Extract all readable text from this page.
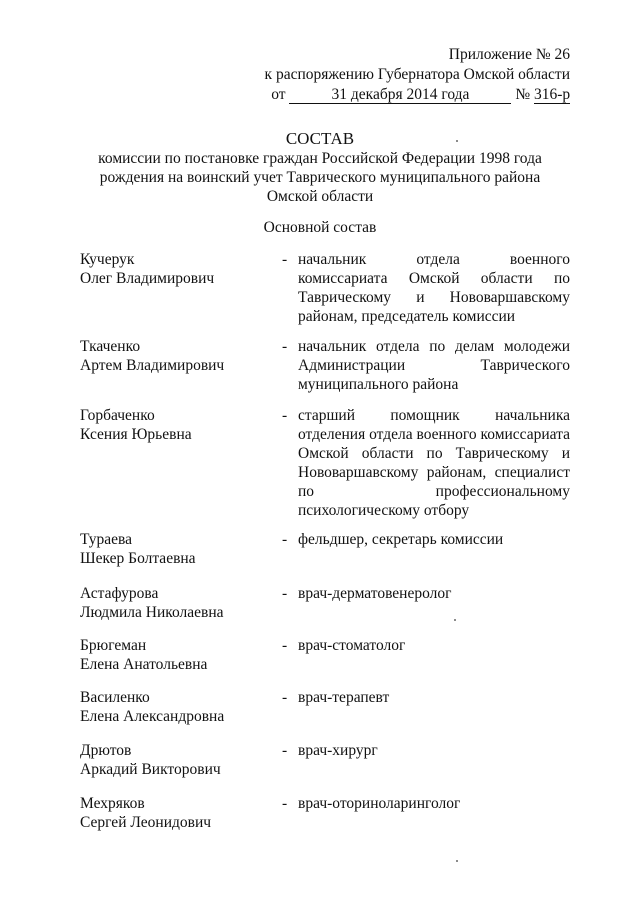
Приложение № 26
к распоряжению Губернатора Омской области
от	31 декабря 2014 года	№ 316-р
СОСТАВ
комиссии по постановке граждан Российской Федерации 1998 года рождения на воинский учет Таврического муниципального района Омской области
Основной состав
Кучерук
Олег Владимирович
- начальник отдела военного комиссариата Омской области по Таврическому и Нововаршавскому районам, председатель комиссии
Ткаченко
Артем Владимирович
- начальник отдела по делам молодежи Администрации Таврического муниципального района
Горбаченко
Ксения Юрьевна
- старший помощник начальника отделения отдела военного комиссариата Омской области по Таврическому и Нововаршавскому районам, специалист по профессиональному психологическому отбору
Тураева
Шекер Болтаевна
- фельдшер, секретарь комиссии
Астафурова
Людмила Николаевна
- врач-дерматовенеролог
Брюгеман
Елена Анатольевна
- врач-стоматолог
Василенко
Елена Александровна
- врач-терапевт
Дрютов
Аркадий Викторович
- врач-хирург
Мехряков
Сергей Леонидович
- врач-оториноларинголог
